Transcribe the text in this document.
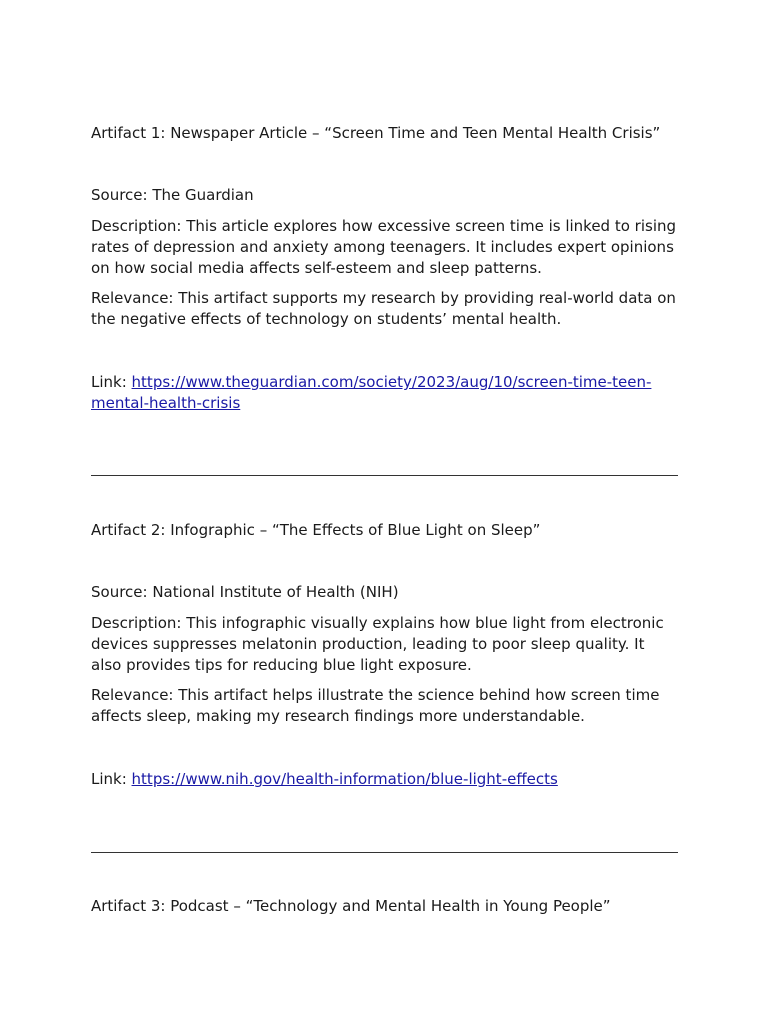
Artifact 1: Newspaper Article – “Screen Time and Teen Mental Health Crisis”

Source: The Guardian

Description: This article explores how excessive screen time is linked to rising rates of depression and anxiety among teenagers. It includes expert opinions on how social media affects self-esteem and sleep patterns.

Relevance: This artifact supports my research by providing real-world data on the negative effects of technology on students’ mental health.

Link: https://www.theguardian.com/society/2023/aug/10/screen-time-teen-mental-health-crisis

Artifact 2: Infographic – “The Effects of Blue Light on Sleep”

Source: National Institute of Health (NIH)

Description: This infographic visually explains how blue light from electronic devices suppresses melatonin production, leading to poor sleep quality. It also provides tips for reducing blue light exposure.

Relevance: This artifact helps illustrate the science behind how screen time affects sleep, making my research findings more understandable.

Link: https://www.nih.gov/health-information/blue-light-effects

Artifact 3: Podcast – “Technology and Mental Health in Young People”
